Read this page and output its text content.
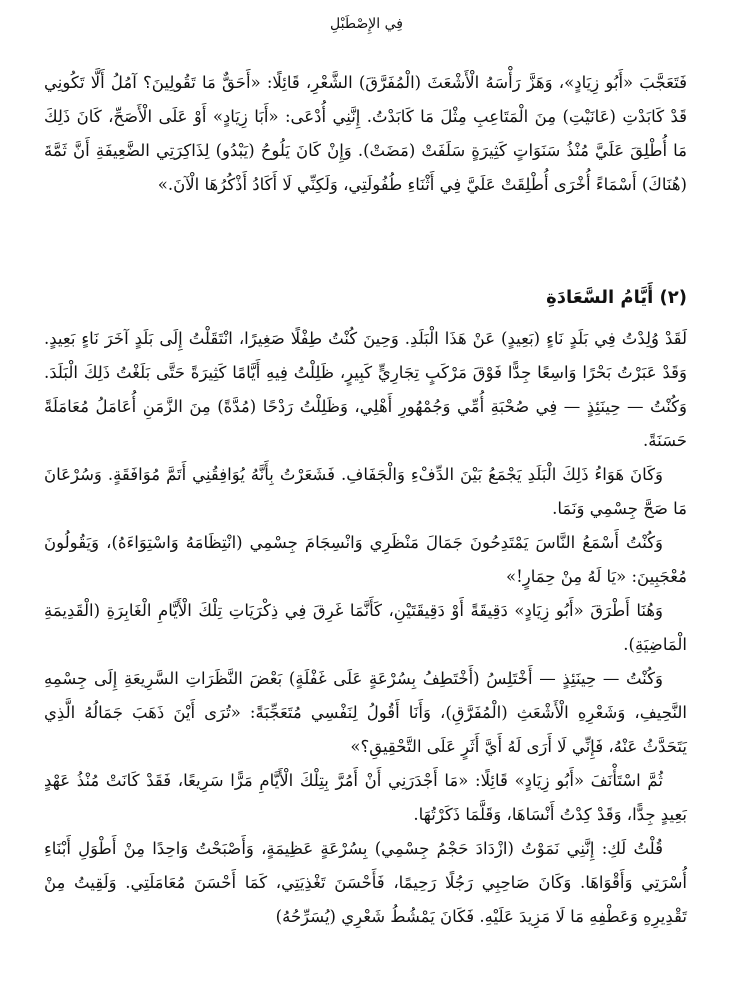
فِي الإِصْطَبْلِ

فَتَعَجَّبَ «أَبُو زِيَادٍ»، وَهَزَّ رَأْسَهُ الْأَشْعَثَ (الْمُفَرَّقَ) الشَّعْرِ، قَائِلًا: «أَحَقٌّ مَا تَقُولِينَ؟ آمُلُ أَلَّا تَكُونِي قَدْ كَابَدْتِ (عَانَيْتِ) مِنَ الْمَتَاعِبِ مِثْلَ مَا كَابَدْتُ. إِنَّنِي أُدْعَى: «أَبَا زِيَادٍ» أَوْ عَلَى الْأَصَحِّ، كَانَ ذَلِكَ مَا أُطْلِقَ عَلَيَّ مُنْذُ سَنَوَاتٍ كَثِيرَةٍ سَلَفَتْ (مَضَتْ). وَإِنْ كَانَ يَلُوحُ (يَبْدُو) لِذَاكِرَتِي الضَّعِيفَةِ أَنَّ ثَمَّةَ (هُنَاكَ) أَسْمَاءً أُخْرَى أُطْلِقَتْ عَلَيَّ فِي أَثْنَاءِ طُفُولَتِي، وَلَكِنِّي لَا أَكَادُ أَذْكُرُهَا الْآنَ.»

(٢) أَيَّامُ السَّعَادَةِ

لَقَدْ وُلِدْتُ فِي بَلَدٍ نَاءٍ (بَعِيدٍ) عَنْ هَذَا الْبَلَدِ. وَحِينَ كُنْتُ طِفْلًا صَغِيرًا، انْتَقَلْتُ إِلَى بَلَدٍ آخَرَ نَاءٍ بَعِيدٍ. وَقَدْ عَبَرْتُ بَحْرًا وَاسِعًا جِدًّا فَوْقَ مَرْكَبٍ تِجَارِيٍّ كَبِيرٍ، ظَلِلْتُ فِيهِ أَيَّامًا كَثِيرَةً حَتَّى بَلَغْتُ ذَلِكَ الْبَلَدَ. وَكُنْتُ — حِينَئِذٍ — فِي صُحْبَةِ أُمِّي وَجُمْهُورِ أَهْلِي، وَظَلِلْتُ رَدْحًا (مُدَّةً) مِنَ الزَّمَنِ أُعَامَلُ مُعَامَلَةً حَسَنَةً.

وَكَانَ هَوَاءُ ذَلِكَ الْبَلَدِ يَجْمَعُ بَيْنَ الدِّفْءِ وَالْجَفَافِ. فَشَعَرْتُ بِأَنَّهُ يُوَافِقُنِي أَتَمَّ مُوَافَقَةٍ. وَسُرْعَانَ مَا صَحَّ جِسْمِي وَنَمَا.

وَكُنْتُ أَسْمَعُ النَّاسَ يَمْتَدِحُونَ جَمَالَ مَنْظَرِي وَانْسِجَامَ جِسْمِي (انْتِظَامَهُ وَاسْتِوَاءَهُ)، وَيَقُولُونَ مُعْجَبِينَ: «يَا لَهُ مِنْ حِمَارٍ!»

وَهُنَا أَطْرَقَ «أَبُو زِيَادٍ» دَقِيقَةً أَوْ دَقِيقَتَيْنِ، كَأَنَّمَا غَرِقَ فِي ذِكْرَيَاتِ تِلْكَ الْأَيَّامِ الْغَابِرَةِ (الْقَدِيمَةِ الْمَاضِيَةِ).

وَكُنْتُ — حِينَئِذٍ — أَخْتَلِسُ (أَخْتَطِفُ بِسُرْعَةٍ عَلَى غَفْلَةٍ) بَعْضَ النَّظَرَاتِ السَّرِيعَةِ إِلَى جِسْمِهِ النَّحِيفِ، وَشَعْرِهِ الْأَشْعَثِ (الْمُفَرَّقِ)، وَأَنَا أَقُولُ لِنَفْسِي مُتَعَجِّبَةً: «تُرَى أَيْنَ ذَهَبَ جَمَالُهُ الَّذِي يَتَحَدَّثُ عَنْهُ، فَإِنِّي لَا أَرَى لَهُ أَيَّ أَثَرٍ عَلَى التَّحْقِيقِ؟»

ثُمَّ اسْتَأْنَفَ «أَبُو زِيَادٍ» قَائِلًا: «مَا أَجْدَرَنِي أَنْ أَمُرَّ بِتِلْكَ الْأَيَّامِ مَرًّا سَرِيعًا، فَقَدْ كَانَتْ مُنْذُ عَهْدٍ بَعِيدٍ جِدًّا، وَقَدْ كِدْتُ أَنْسَاهَا، وَقَلَّمَا ذَكَرْتُهَا.

قُلْتُ لَكِ: إِنَّنِي نَمَوْتُ (ازْدَادَ حَجْمُ جِسْمِي) بِسُرْعَةٍ عَظِيمَةٍ، وَأَصْبَحْتُ وَاحِدًا مِنْ أَطْوَلِ أَبْنَاءِ أُسْرَتِي وَأَقْوَاهَا. وَكَانَ صَاحِبِي رَجُلًا رَحِيمًا، فَأَحْسَنَ تَغْذِيَتِي، كَمَا أَحْسَنَ مُعَامَلَتِي. وَلَقِيتُ مِنْ تَقْدِيرِهِ وَعَطْفِهِ مَا لَا مَزِيدَ عَلَيْهِ. فَكَانَ يَمْشُطُ شَعْرِي (يُسَرِّحُهُ)
